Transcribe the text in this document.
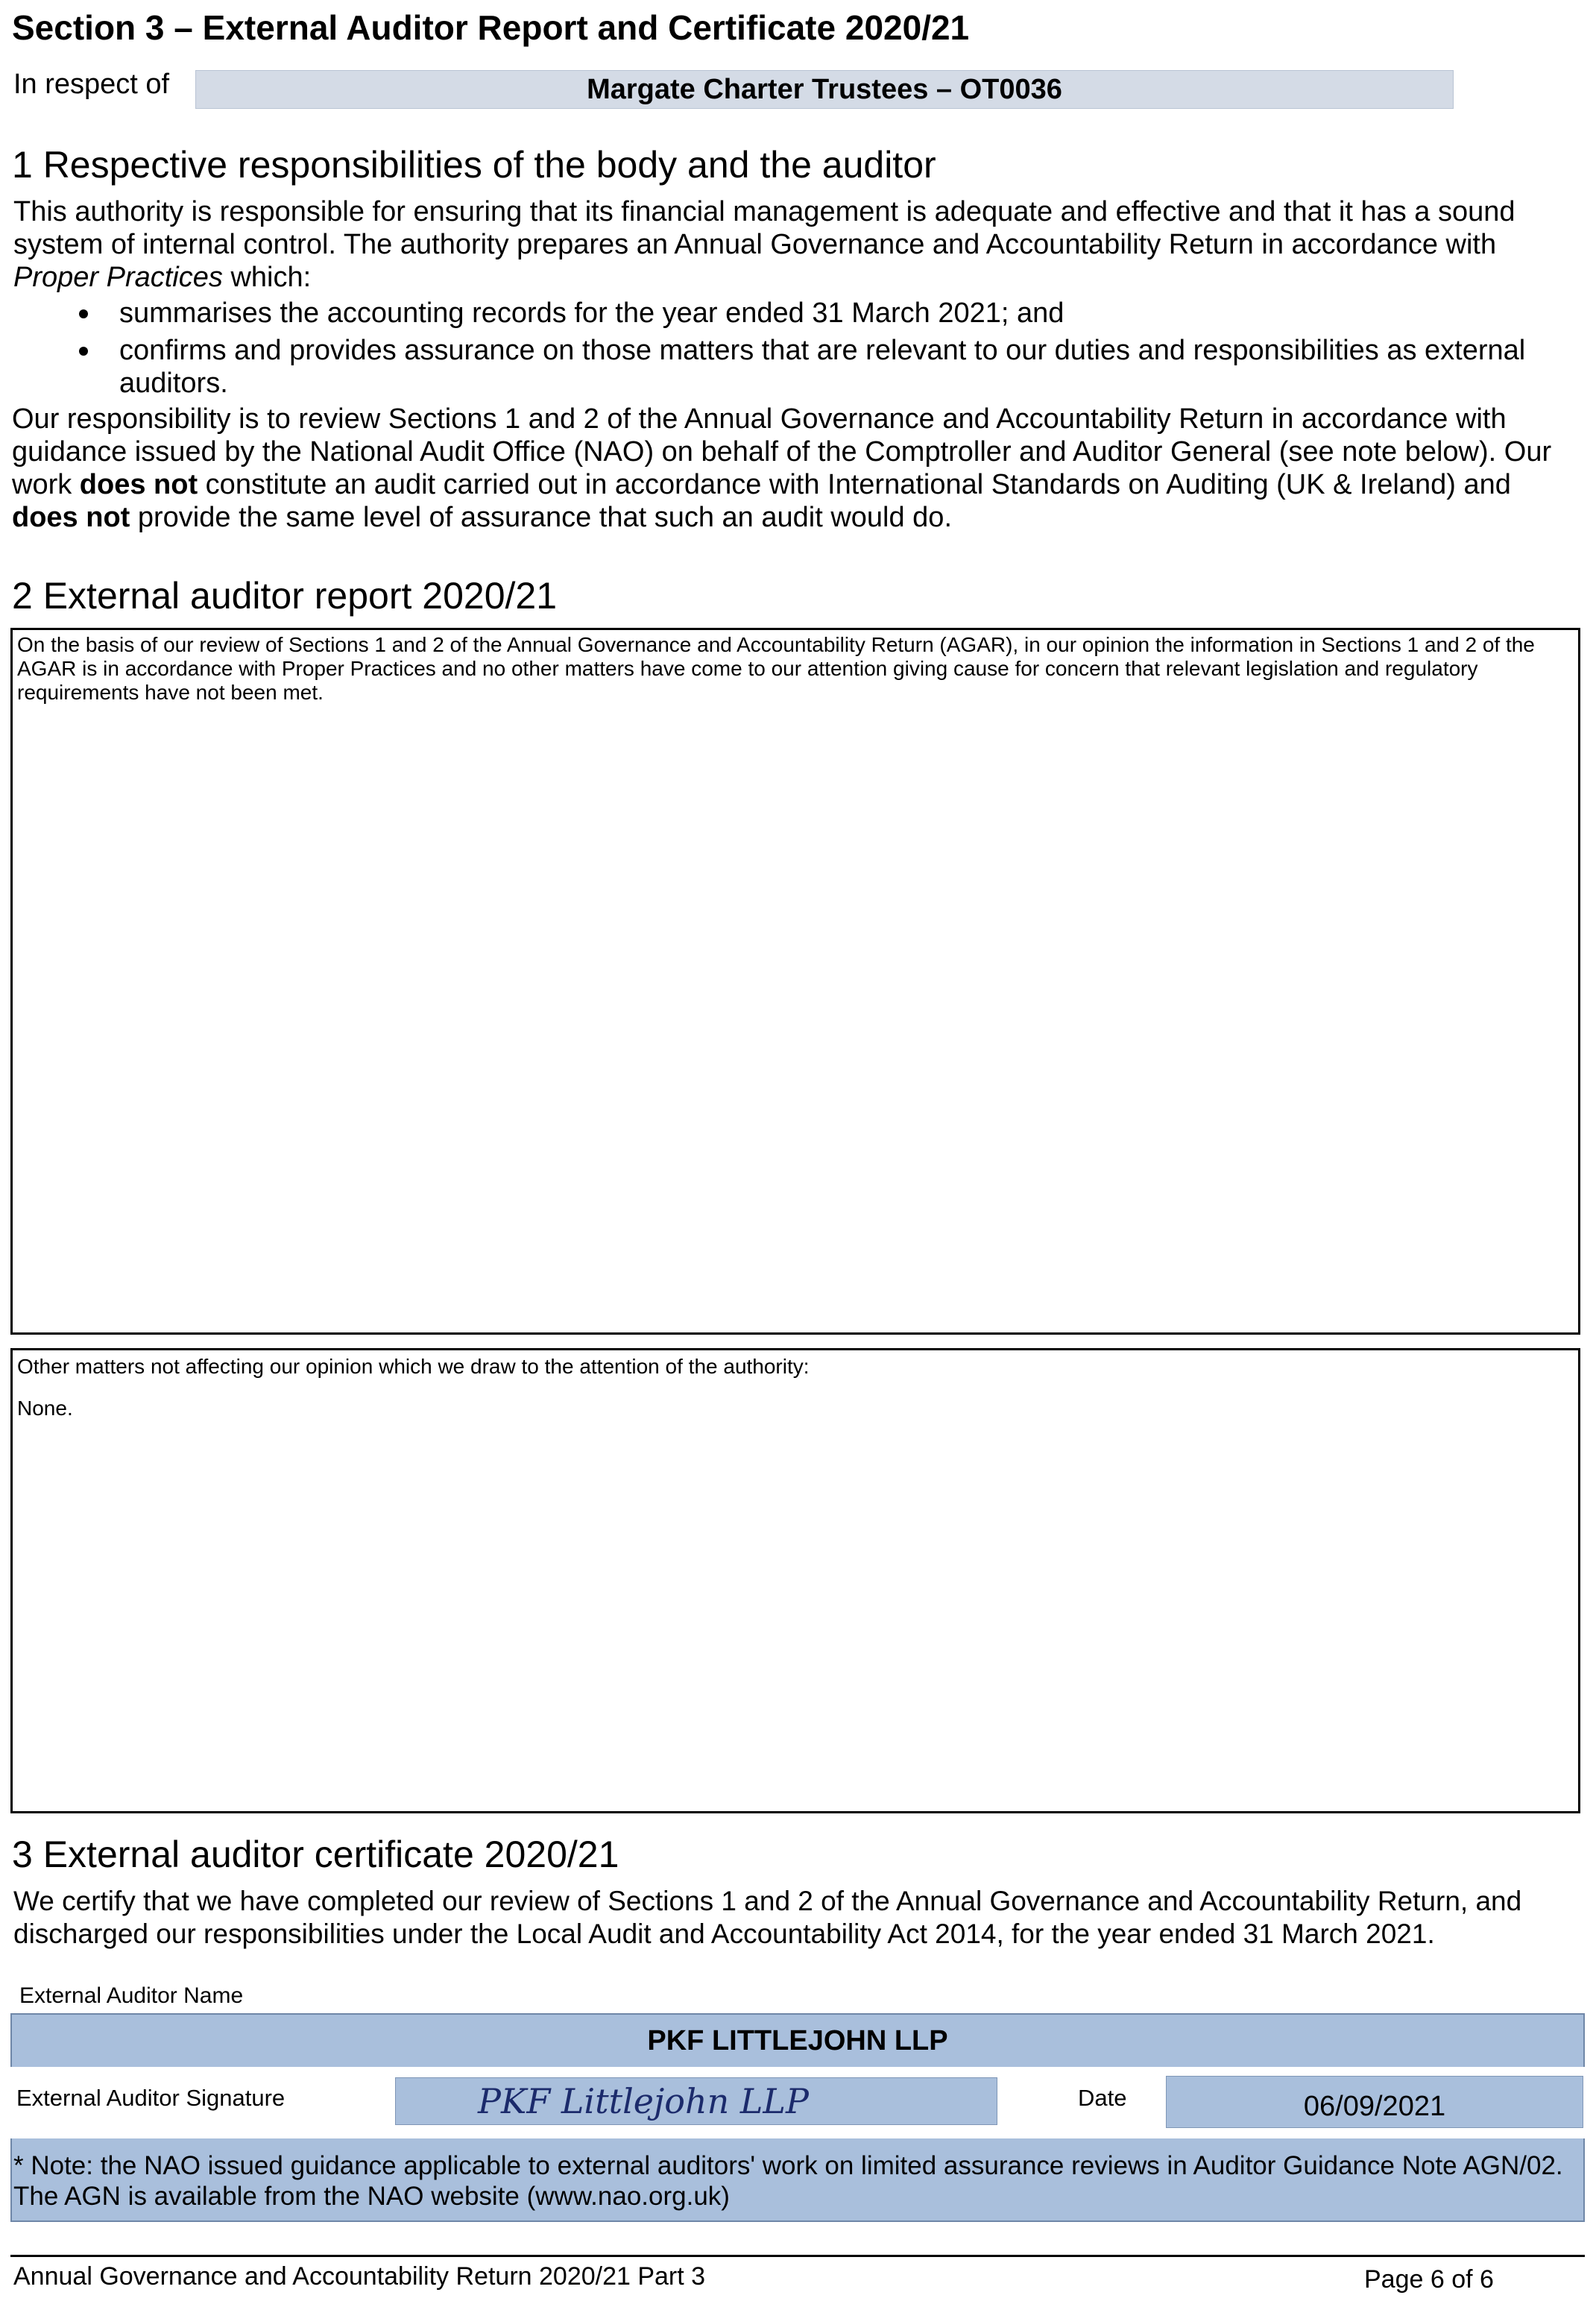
Section 3 – External Auditor Report and Certificate 2020/21
In respect of	Margate Charter Trustees – OT0036
1 Respective responsibilities of the body and the auditor
This authority is responsible for ensuring that its financial management is adequate and effective and that it has a sound system of internal control. The authority prepares an Annual Governance and Accountability Return in accordance with Proper Practices which:
summarises the accounting records for the year ended 31 March 2021; and
confirms and provides assurance on those matters that are relevant to our duties and responsibilities as external auditors.
Our responsibility is to review Sections 1 and 2 of the Annual Governance and Accountability Return in accordance with guidance issued by the National Audit Office (NAO) on behalf of the Comptroller and Auditor General (see note below). Our work does not constitute an audit carried out in accordance with International Standards on Auditing (UK & Ireland) and does not provide the same level of assurance that such an audit would do.
2 External auditor report 2020/21
On the basis of our review of Sections 1 and 2 of the Annual Governance and Accountability Return (AGAR), in our opinion the information in Sections 1 and 2 of the AGAR is in accordance with Proper Practices and no other matters have come to our attention giving cause for concern that relevant legislation and regulatory requirements have not been met.
Other matters not affecting our opinion which we draw to the attention of the authority:
None.
3 External auditor certificate 2020/21
We certify that we have completed our review of Sections 1 and 2 of the Annual Governance and Accountability Return, and discharged our responsibilities under the Local Audit and Accountability Act 2014, for the year ended 31 March 2021.
External Auditor Name
PKF LITTLEJOHN LLP
External Auditor Signature	PKF Littlejohn LLP	Date	06/09/2021
* Note: the NAO issued guidance applicable to external auditors' work on limited assurance reviews in Auditor Guidance Note AGN/02. The AGN is available from the NAO website (www.nao.org.uk)
Annual Governance and Accountability Return 2020/21 Part 3	Page 6 of 6
